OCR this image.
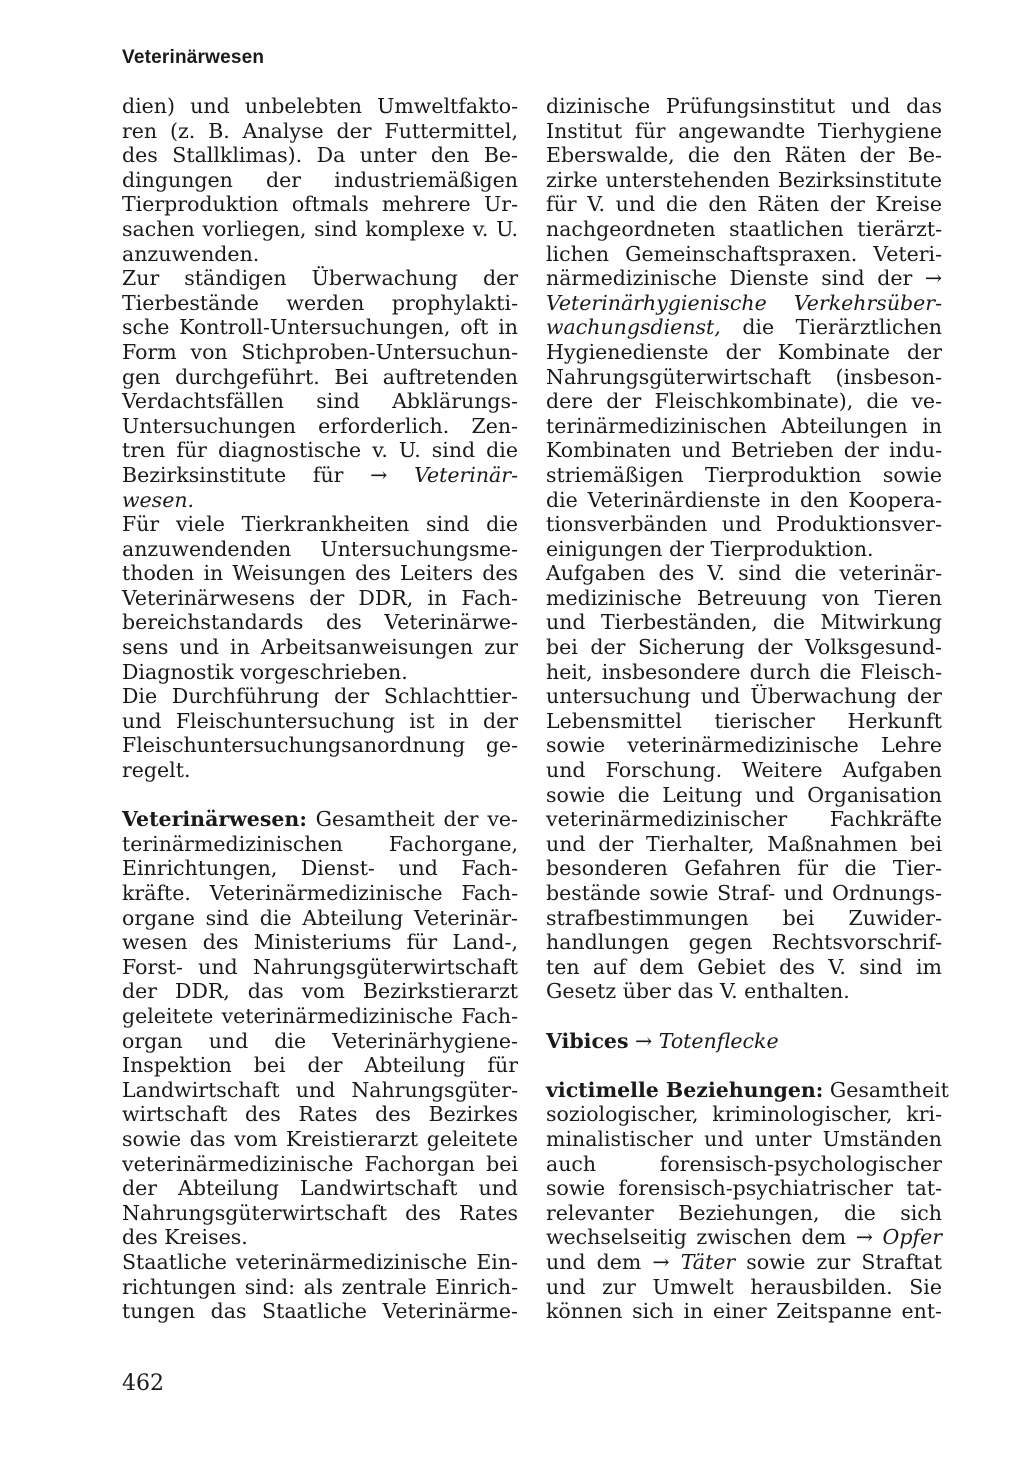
Veterinärwesen
dien) und unbelebten Umweltfakto-
ren (z. B. Analyse der Futtermittel,
des Stallklimas). Da unter den Be-
dingungen der industriemäßigen
Tierproduktion oftmals mehrere Ur-
sachen vorliegen, sind komplexe v. U.
anzuwenden.
Zur ständigen Überwachung der
Tierbestände werden prophylakti-
sche Kontroll-Untersuchungen, oft in
Form von Stichproben-Untersuchun-
gen durchgeführt. Bei auftretenden
Verdachtsfällen sind Abklärungs-
Untersuchungen erforderlich. Zen-
tren für diagnostische v. U. sind die
Bezirksinstitute für → Veterinär-
wesen.
Für viele Tierkrankheiten sind die
anzuwendenden Untersuchungsme-
thoden in Weisungen des Leiters des
Veterinärwesens der DDR, in Fach-
bereichstandards des Veterinärwe-
sens und in Arbeitsanweisungen zur
Diagnostik vorgeschrieben.
Die Durchführung der Schlachttier-
und Fleischuntersuchung ist in der
Fleischuntersuchungsanordnung ge-
regelt.
Veterinärwesen: Gesamtheit der ve-
terinärmedizinischen Fachorgane,
Einrichtungen, Dienst- und Fach-
kräfte. Veterinärmedizinische Fach-
organe sind die Abteilung Veterinär-
wesen des Ministeriums für Land-,
Forst- und Nahrungsgüterwirtschaft
der DDR, das vom Bezirkstierarzt
geleitete veterinärmedizinische Fach-
organ und die Veterinärhygiene-
Inspektion bei der Abteilung für
Landwirtschaft und Nahrungsgüter-
wirtschaft des Rates des Bezirkes
sowie das vom Kreistierarzt geleitete
veterinärmedizinische Fachorgan bei
der Abteilung Landwirtschaft und
Nahrungsgüterwirtschaft des Rates
des Kreises.
Staatliche veterinärmedizinische Ein-
richtungen sind: als zentrale Einrich-
tungen das Staatliche Veterinärme-
dizinische Prüfungsinstitut und das
Institut für angewandte Tierhygiene
Eberswalde, die den Räten der Be-
zirke unterstehenden Bezirksinstitute
für V. und die den Räten der Kreise
nachgeordneten staatlichen tierärzt-
lichen Gemeinschaftspraxen. Veteri-
närmedizinische Dienste sind der →
Veterinärhygienische Verkehrsüber-
wachungsdienst, die Tierärztlichen
Hygienedienste der Kombinate der
Nahrungsgüterwirtschaft (insbeson-
dere der Fleischkombinate), die ve-
terinärmedizinischen Abteilungen in
Kombinaten und Betrieben der indu-
striemäßigen Tierproduktion sowie
die Veterinärdienste in den Koopera-
tionsverbänden und Produktionsver-
einigungen der Tierproduktion.
Aufgaben des V. sind die veterinär-
medizinische Betreuung von Tieren
und Tierbeständen, die Mitwirkung
bei der Sicherung der Volksgesund-
heit, insbesondere durch die Fleisch-
untersuchung und Überwachung der
Lebensmittel tierischer Herkunft
sowie veterinärmedizinische Lehre
und Forschung. Weitere Aufgaben
sowie die Leitung und Organisation
veterinärmedizinischer Fachkräfte
und der Tierhalter, Maßnahmen bei
besonderen Gefahren für die Tier-
bestände sowie Straf- und Ordnungs-
strafbestimmungen bei Zuwider-
handlungen gegen Rechtsvorschrif-
ten auf dem Gebiet des V. sind im
Gesetz über das V. enthalten.
Vibices → Totenflecke
victimelle Beziehungen: Gesamtheit
soziologischer, kriminologischer, kri-
minalistischer und unter Umständen
auch forensisch-psychologischer
sowie forensisch-psychiatrischer tat-
relevanter Beziehungen, die sich
wechselseitig zwischen dem → Opfer
und dem → Täter sowie zur Straftat
und zur Umwelt herausbilden. Sie
können sich in einer Zeitspanne ent-
462
